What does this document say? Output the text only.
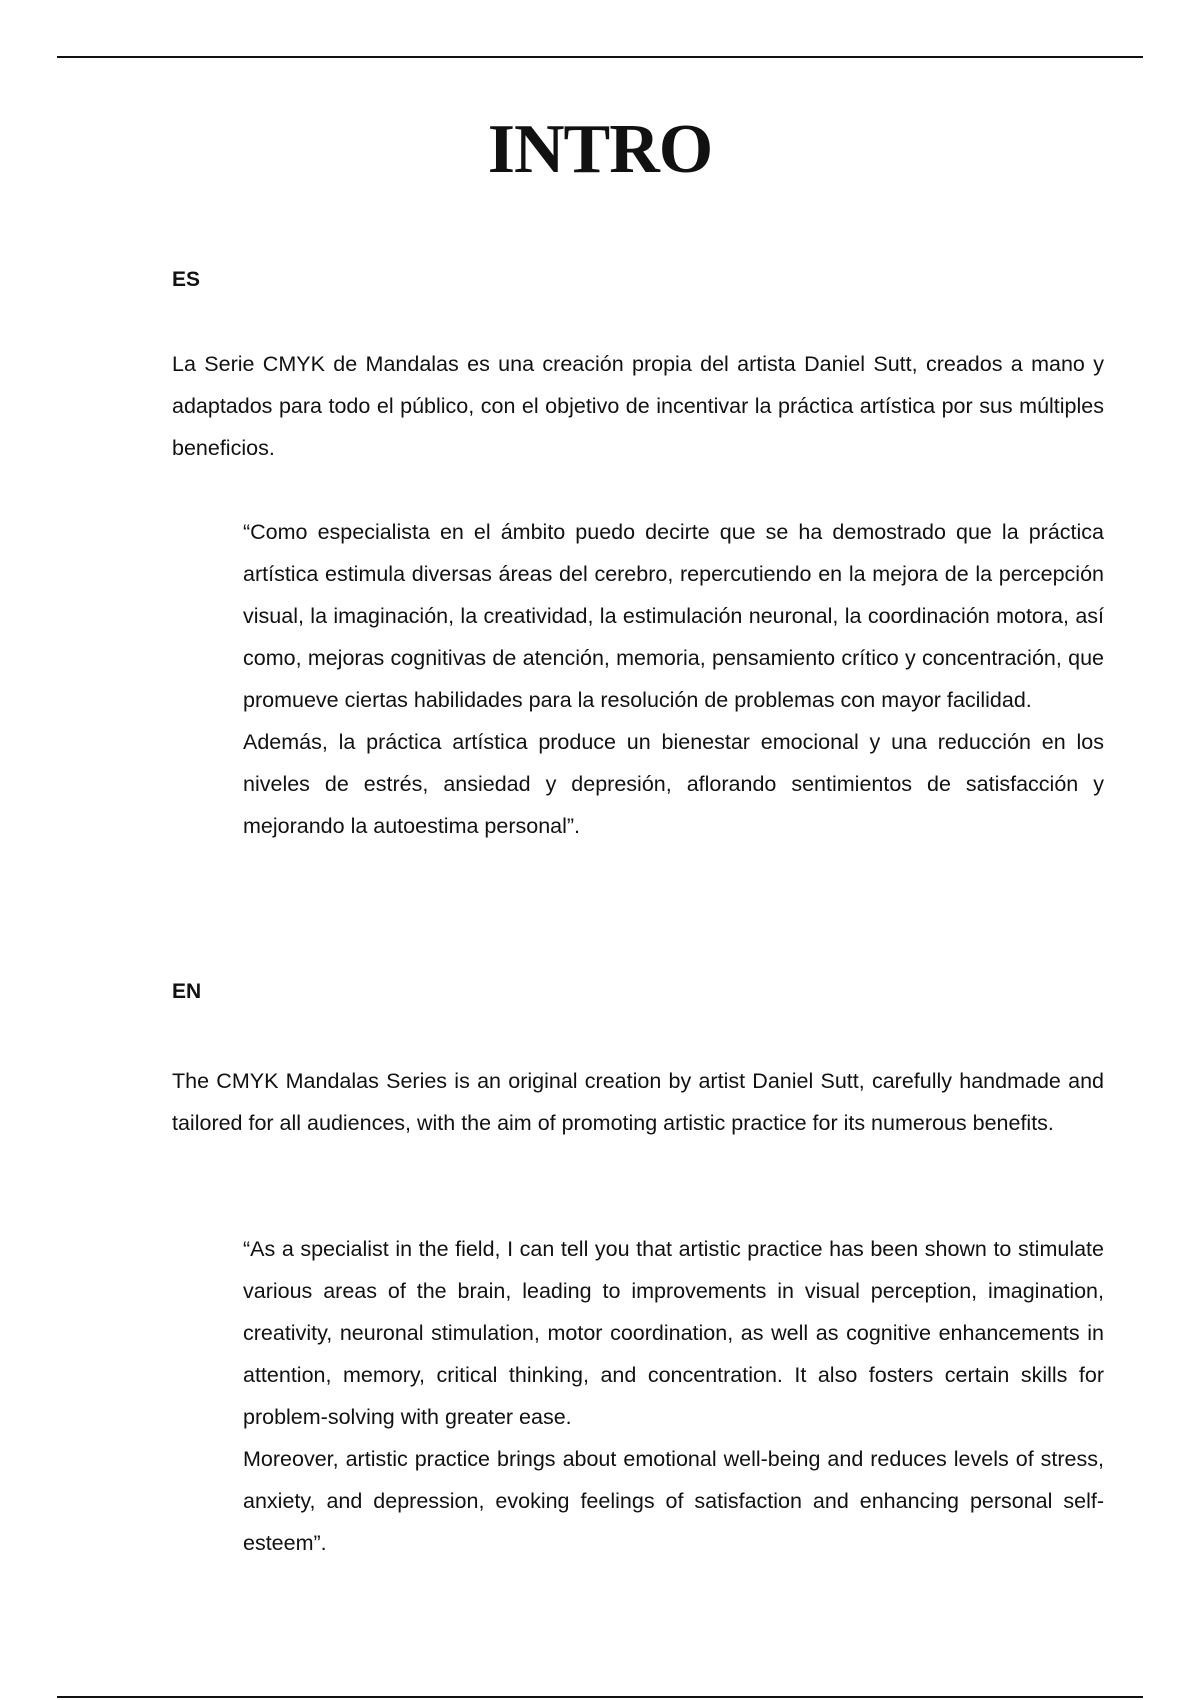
INTRO
ES

La Serie CMYK de Mandalas es una creación propia del artista Daniel Sutt, creados a mano y adaptados para todo el público, con el objetivo de incentivar la práctica artística por sus múltiples beneficios.

“Como especialista en el ámbito puedo decirte que se ha demostrado que la práctica artística estimula diversas áreas del cerebro, repercutiendo en la mejora de la percepción visual, la imaginación, la creatividad, la estimulación neuronal, la coordinación motora, así como, mejoras cognitivas de atención, memoria, pensamiento crítico y concentración, que promueve ciertas habilidades para la resolución de problemas con mayor facilidad.

Además, la práctica artística produce un bienestar emocional y una reducción en los niveles de estrés, ansiedad y depresión, aflorando sentimientos de satisfacción y mejorando la autoestima personal”.

EN

The CMYK Mandalas Series is an original creation by artist Daniel Sutt, carefully handmade and tailored for all audiences, with the aim of promoting artistic practice for its numerous benefits.

“As a specialist in the field, I can tell you that artistic practice has been shown to stimulate various areas of the brain, leading to improvements in visual perception, imagination, creativity, neuronal stimulation, motor coordination, as well as cognitive enhancements in attention, memory, critical thinking, and concentration. It also fosters certain skills for problem-solving with greater ease.

Moreover, artistic practice brings about emotional well-being and reduces levels of stress, anxiety, and depression, evoking feelings of satisfaction and enhancing personal self-esteem”.
